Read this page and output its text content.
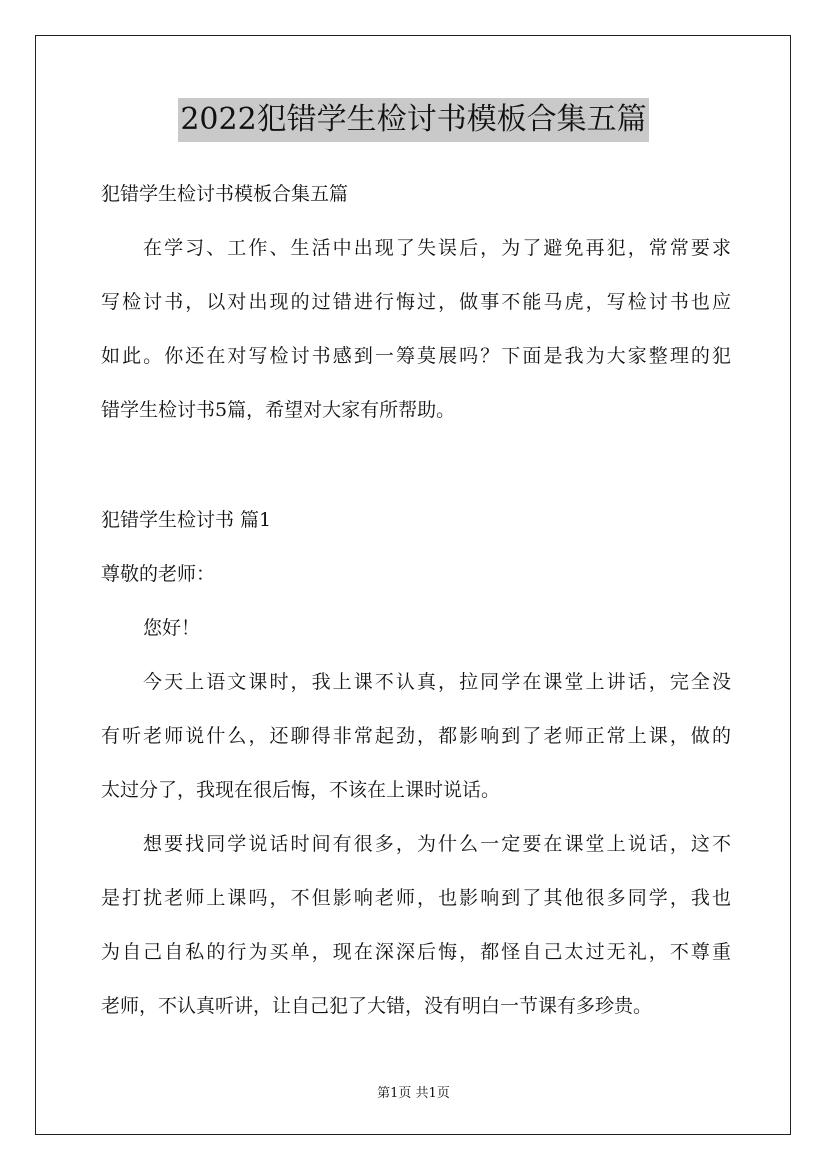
2022犯错学生检讨书模板合集五篇
犯错学生检讨书模板合集五篇
在学习、工作、生活中出现了失误后，为了避免再犯，常常要求
写检讨书，以对出现的过错进行悔过，做事不能马虎，写检讨书也应
如此。你还在对写检讨书感到一筹莫展吗？下面是我为大家整理的犯
错学生检讨书5篇，希望对大家有所帮助。
犯错学生检讨书 篇1
尊敬的老师：
您好！
今天上语文课时，我上课不认真，拉同学在课堂上讲话，完全没
有听老师说什么，还聊得非常起劲，都影响到了老师正常上课，做的
太过分了，我现在很后悔，不该在上课时说话。
想要找同学说话时间有很多，为什么一定要在课堂上说话，这不
是打扰老师上课吗，不但影响老师，也影响到了其他很多同学，我也
为自己自私的行为买单，现在深深后悔，都怪自己太过无礼，不尊重
老师，不认真听讲，让自己犯了大错，没有明白一节课有多珍贵。
第1页 共1页
